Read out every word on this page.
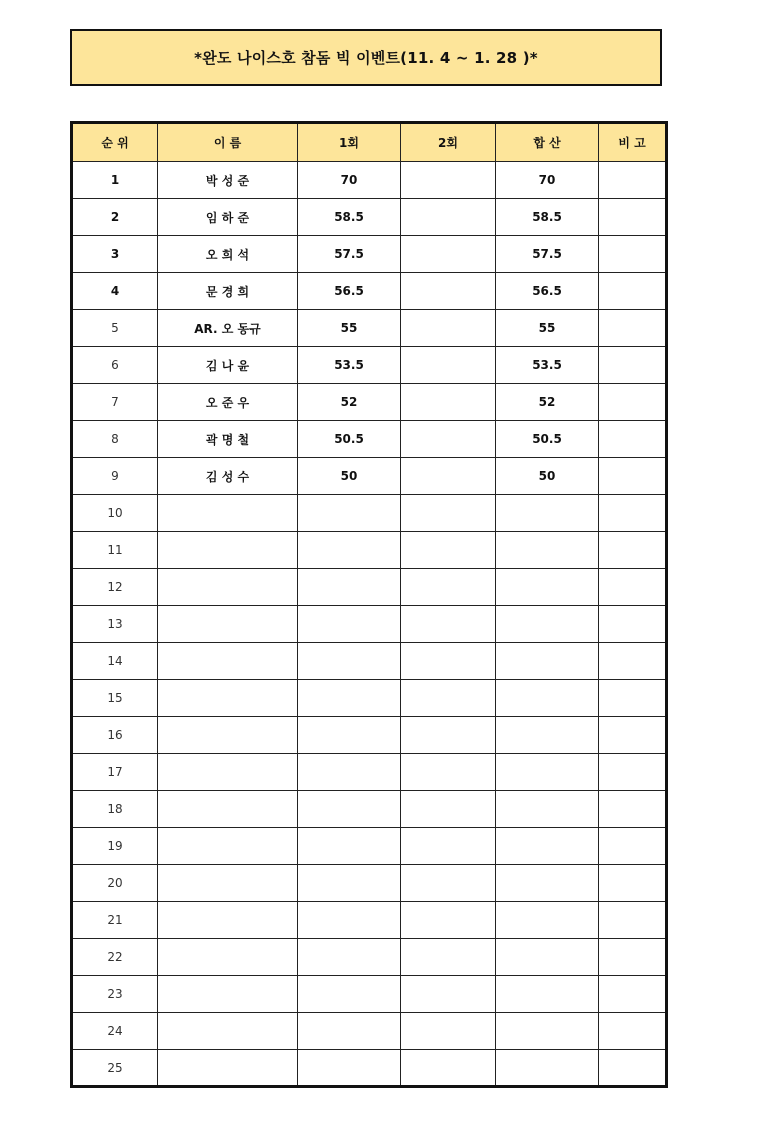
*완도 나이스호 참돔 빅 이벤트(11. 4 ~ 1. 28 )*
순 위	이 름	1회	2회	합 산	비 고
1	박 성 준	70		70	
2	임 하 준	58.5		58.5	
3	오 희 석	57.5		57.5	
4	문 경 희	56.5		56.5	
5	AR. 오 동규	55		55	
6	김 나 윤	53.5		53.5	
7	오 준 우	52		52	
8	곽 명 철	50.5		50.5	
9	김 성 수	50		50	
10					
11					
12					
13					
14					
15					
16					
17					
18					
19					
20					
21					
22					
23					
24					
25					
